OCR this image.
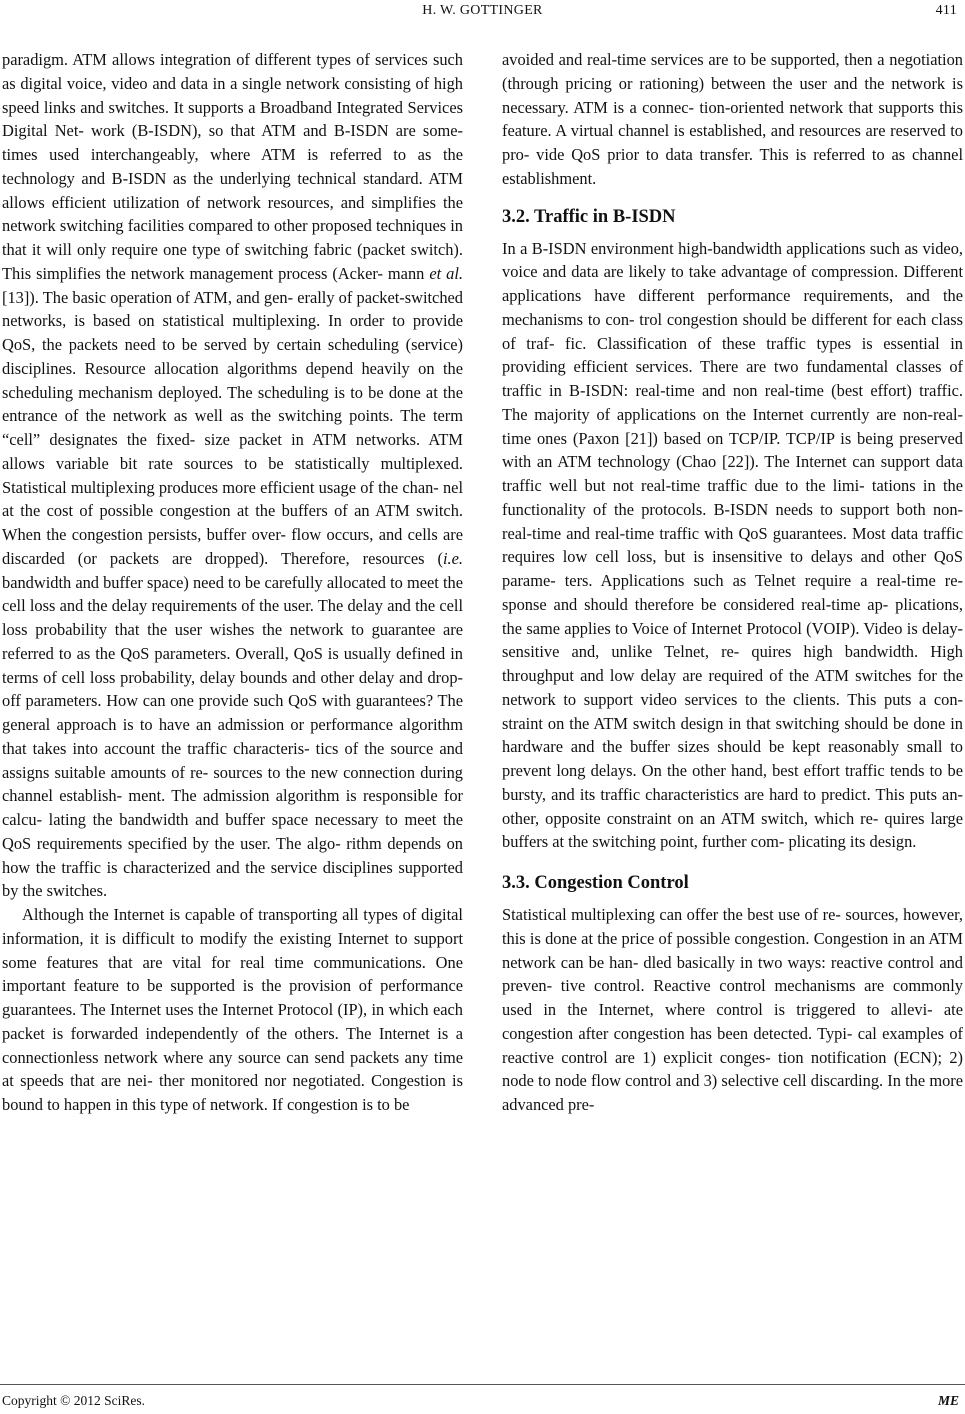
H. W. GOTTINGER	411

paradigm. ATM allows integration of different types of services such as digital voice, video and data in a single network consisting of high speed links and switches. It supports a Broadband Integrated Services Digital Net- work (B-ISDN), so that ATM and B-ISDN are some- times used interchangeably, where ATM is referred to as the technology and B-ISDN as the underlying technical standard. ATM allows efficient utilization of network resources, and simplifies the network switching facilities compared to other proposed techniques in that it will only require one type of switching fabric (packet switch). This simplifies the network management process (Acker- mann et al. [13]). The basic operation of ATM, and gen- erally of packet-switched networks, is based on statistical multiplexing. In order to provide QoS, the packets need to be served by certain scheduling (service) disciplines. Resource allocation algorithms depend heavily on the scheduling mechanism deployed. The scheduling is to be done at the entrance of the network as well as the switching points. The term “cell” designates the fixed- size packet in ATM networks. ATM allows variable bit rate sources to be statistically multiplexed. Statistical multiplexing produces more efficient usage of the chan- nel at the cost of possible congestion at the buffers of an ATM switch. When the congestion persists, buffer over- flow occurs, and cells are discarded (or packets are dropped). Therefore, resources (i.e. bandwidth and buffer space) need to be carefully allocated to meet the cell loss and the delay requirements of the user. The delay and the cell loss probability that the user wishes the network to guarantee are referred to as the QoS parameters. Overall, QoS is usually defined in terms of cell loss probability, delay bounds and other delay and drop-off parameters. How can one provide such QoS with guarantees? The general approach is to have an admission or performance algorithm that takes into account the traffic characteris- tics of the source and assigns suitable amounts of re- sources to the new connection during channel establish- ment. The admission algorithm is responsible for calcu- lating the bandwidth and buffer space necessary to meet the QoS requirements specified by the user. The algo- rithm depends on how the traffic is characterized and the service disciplines supported by the switches.

Although the Internet is capable of transporting all types of digital information, it is difficult to modify the existing Internet to support some features that are vital for real time communications. One important feature to be supported is the provision of performance guarantees. The Internet uses the Internet Protocol (IP), in which each packet is forwarded independently of the others. The Internet is a connectionless network where any source can send packets any time at speeds that are nei- ther monitored nor negotiated. Congestion is bound to happen in this type of network. If congestion is to be

avoided and real-time services are to be supported, then a negotiation (through pricing or rationing) between the user and the network is necessary. ATM is a connec- tion-oriented network that supports this feature. A virtual channel is established, and resources are reserved to pro- vide QoS prior to data transfer. This is referred to as channel establishment.

3.2. Traffic in B-ISDN

In a B-ISDN environment high-bandwidth applications such as video, voice and data are likely to take advantage of compression. Different applications have different performance requirements, and the mechanisms to con- trol congestion should be different for each class of traf- fic. Classification of these traffic types is essential in providing efficient services. There are two fundamental classes of traffic in B-ISDN: real-time and non real-time (best effort) traffic. The majority of applications on the Internet currently are non-real-time ones (Paxon [21]) based on TCP/IP. TCP/IP is being preserved with an ATM technology (Chao [22]). The Internet can support data traffic well but not real-time traffic due to the limi- tations in the functionality of the protocols. B-ISDN needs to support both non-real-time and real-time traffic with QoS guarantees. Most data traffic requires low cell loss, but is insensitive to delays and other QoS parame- ters. Applications such as Telnet require a real-time re- sponse and should therefore be considered real-time ap- plications, the same applies to Voice of Internet Protocol (VOIP). Video is delay-sensitive and, unlike Telnet, re- quires high bandwidth. High throughput and low delay are required of the ATM switches for the network to support video services to the clients. This puts a con- straint on the ATM switch design in that switching should be done in hardware and the buffer sizes should be kept reasonably small to prevent long delays. On the other hand, best effort traffic tends to be bursty, and its traffic characteristics are hard to predict. This puts an- other, opposite constraint on an ATM switch, which re- quires large buffers at the switching point, further com- plicating its design.

3.3. Congestion Control

Statistical multiplexing can offer the best use of re- sources, however, this is done at the price of possible congestion. Congestion in an ATM network can be han- dled basically in two ways: reactive control and preven- tive control. Reactive control mechanisms are commonly used in the Internet, where control is triggered to allevi- ate congestion after congestion has been detected. Typi- cal examples of reactive control are 1) explicit conges- tion notification (ECN); 2) node to node flow control and 3) selective cell discarding. In the more advanced pre-

Copyright © 2012 SciRes.	ME
